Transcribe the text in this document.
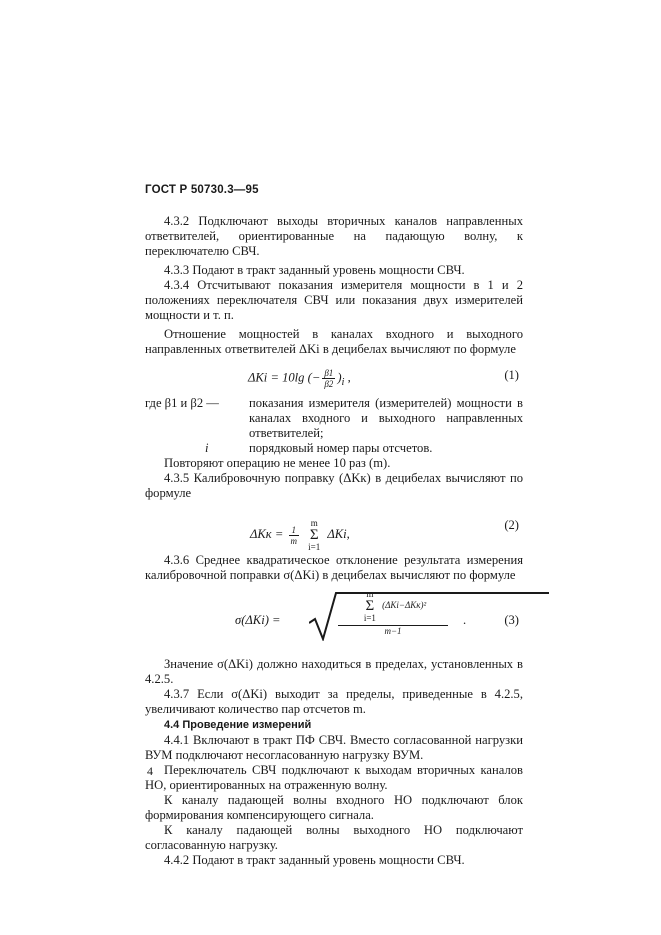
ГОСТ Р 50730.3—95

4.3.2 Подключают выходы вторичных каналов направленных ответвителей, ориентированные на падающую волну, к переключателю СВЧ.

4.3.3 Подают в тракт заданный уровень мощности СВЧ.

4.3.4 Отсчитывают показания измерителя мощности в 1 и 2 положениях переключателя СВЧ или показания двух измерителей мощности и т. п.

Отношение мощностей в каналах входного и выходного направленных ответвителей ΔKi в децибелах вычисляют по формуле

ΔKi = 10lg (− $\frac{\beta 1}{\beta 2} )_i$ ,	(1)
где β1 и β2 — показания измерителя (измерителей) мощности в каналах входного и выходного направленных ответвителей;
i	порядковый номер пары отсчетов.

Повторяют операцию не менее 10 раз (m).

4.3.5 Калибровочную поправку (ΔKк) в децибелах вычисляют по формуле

$\Delta Kк = \frac{1}{m}$
m
Σ
i=1 ΔKi,
(2)

4.3.6 Среднее квадратическое отклонение результата измерения калибровочной поправки σ(ΔKi) в децибелах вычисляют по формуле

σ(ΔKi) =
m
Σ
i=1 (ΔKi−ΔKк)²
m−1
.	(3)

Значение σ(ΔKi) должно находиться в пределах, установленных в 4.2.5.

4.3.7 Если σ(ΔKi) выходит за пределы, приведенные в 4.2.5, увеличивают количество пар отсчетов m.

4.4 Проведение измерений

4.4.1 Включают в тракт ПФ СВЧ. Вместо согласованной нагрузки ВУМ подключают несогласованную нагрузку ВУМ.

Переключатель СВЧ подключают к выходам вторичных каналов НО, ориентированных на отраженную волну.

К каналу падающей волны входного НО подключают блок формирования компенсирующего сигнала.

К каналу падающей волны выходного НО подключают согласованную нагрузку.

4.4.2 Подают в тракт заданный уровень мощности СВЧ.

4
